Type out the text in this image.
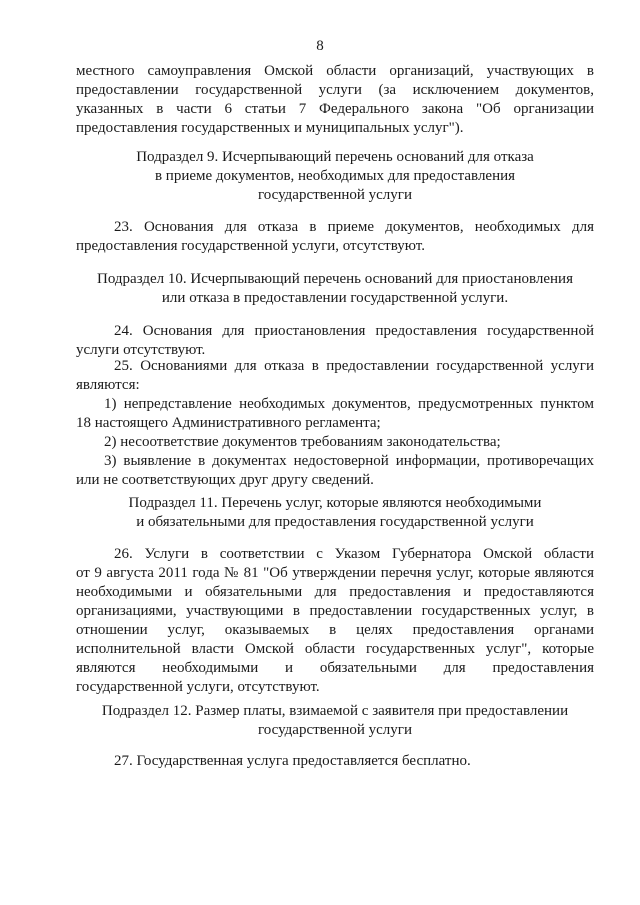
8
местного самоуправления Омской области организаций, участвующих в
предоставлении государственной услуги (за исключением документов,
указанных в части 6 статьи 7 Федерального закона "Об организации
предоставления государственных и муниципальных услуг").
Подраздел 9. Исчерпывающий перечень оснований для отказа
в приеме документов, необходимых для предоставления
государственной услуги
23. Основания для отказа в приеме документов, необходимых для
предоставления государственной услуги, отсутствуют.
Подраздел 10. Исчерпывающий перечень оснований для приостановления
или отказа в предоставлении государственной услуги.
24. Основания для приостановления предоставления государственной
услуги отсутствуют.
25. Основаниями для отказа в предоставлении государственной услуги
являются:
1) непредставление необходимых документов, предусмотренных пунктом
18 настоящего Административного регламента;
2) несоответствие документов требованиям законодательства;
3) выявление в документах недостоверной информации, противоречащих
или не соответствующих друг другу сведений.
Подраздел 11. Перечень услуг, которые являются необходимыми
и обязательными для предоставления государственной услуги
26. Услуги в соответствии с Указом Губернатора Омской области
от 9 августа 2011 года № 81 "Об утверждении перечня услуг, которые являются
необходимыми и обязательными для предоставления и предоставляются
организациями, участвующими в предоставлении государственных услуг, в
отношении услуг, оказываемых в целях предоставления органами
исполнительной власти Омской области государственных услуг", которые
являются необходимыми и обязательными для предоставления
государственной услуги, отсутствуют.
Подраздел 12. Размер платы, взимаемой с заявителя при предоставлении
государственной услуги
27. Государственная услуга предоставляется бесплатно.
